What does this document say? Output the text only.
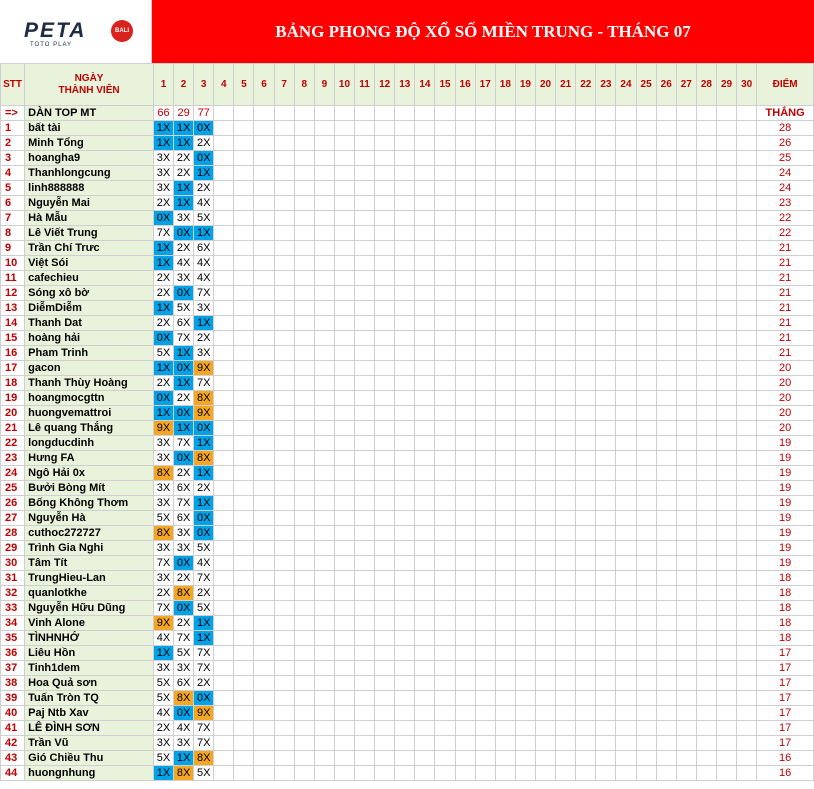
PETA	BALI
TOTO PLAY
BẢNG PHONG ĐỘ XỔ SỐ MIỀN TRUNG - THÁNG 07
STT	NGÀY
THÀNH VIÊN	1	2	3	4	5	6	7	8	9	10	11	12	13	14	15	16	17	18	19	20	21	22	23	24	25	26	27	28	29	30	ĐIỂM
=>	DÀN TOP MT	66	29	77																												THẮNG
1	bất tài	1X	1X	0X																												28
2	Minh Tổng	1X	1X	2X																												26
3	hoangha9	3X	2X	0X																												25
4	Thanhlongcung	3X	2X	1X																												24
5	linh888888	3X	1X	2X																												24
6	Nguyễn Mai	2X	1X	4X																												23
7	Hà Mẫu	0X	3X	5X																												22
8	Lê Viết Trung	7X	0X	1X																												22
9	Trần Chí Trưc	1X	2X	6X																												21
10	Việt Sói	1X	4X	4X																												21
11	cafechieu	2X	3X	4X																												21
12	Sóng xô bờ	2X	0X	7X																												21
13	DiễmDiễm	1X	5X	3X																												21
14	Thanh Dat	2X	6X	1X																												21
15	hoàng hải	0X	7X	2X																												21
16	Pham Trinh	5X	1X	3X																												21
17	gacon	1X	0X	9X																												20
18	Thanh Thùy Hoàng	2X	1X	7X																												20
19	hoangmocgttn	0X	2X	8X																												20
20	huongvemattroi	1X	0X	9X																												20
21	Lê quang Thắng	9X	1X	0X																												20
22	longducdinh	3X	7X	1X																												19
23	Hưng FA	3X	0X	8X																												19
24	Ngô Hải 0x	8X	2X	1X																												19
25	Bưởi Bòng Mít	3X	6X	2X																												19
26	Bống Không Thơm	3X	7X	1X																												19
27	Nguyễn Hà	5X	6X	0X																												19
28	cuthoc272727	8X	3X	0X																												19
29	Trình Gia Nghi	3X	3X	5X																												19
30	Tâm Tít	7X	0X	4X																												19
31	TrungHieu-Lan	3X	2X	7X																												18
32	quanlotkhe	2X	8X	2X																												18
33	Nguyễn Hữu Dũng	7X	0X	5X																												18
34	Vinh Alone	9X	2X	1X																												18
35	TÌNHNHỚ	4X	7X	1X																												18
36	Liêu Hồn	1X	5X	7X																												17
37	Tinh1dem	3X	3X	7X																												17
38	Hoa Quả sơn	5X	6X	2X																												17
39	Tuấn Tròn TQ	5X	8X	0X																												17
40	Paj Ntb Xav	4X	0X	9X																												17
41	LÊ ĐÌNH SƠN	2X	4X	7X																												17
42	Trần Vũ	3X	3X	7X																												17
43	Gió Chiều Thu	5X	1X	8X																												16
44	huongnhung	1X	8X	5X																												16
